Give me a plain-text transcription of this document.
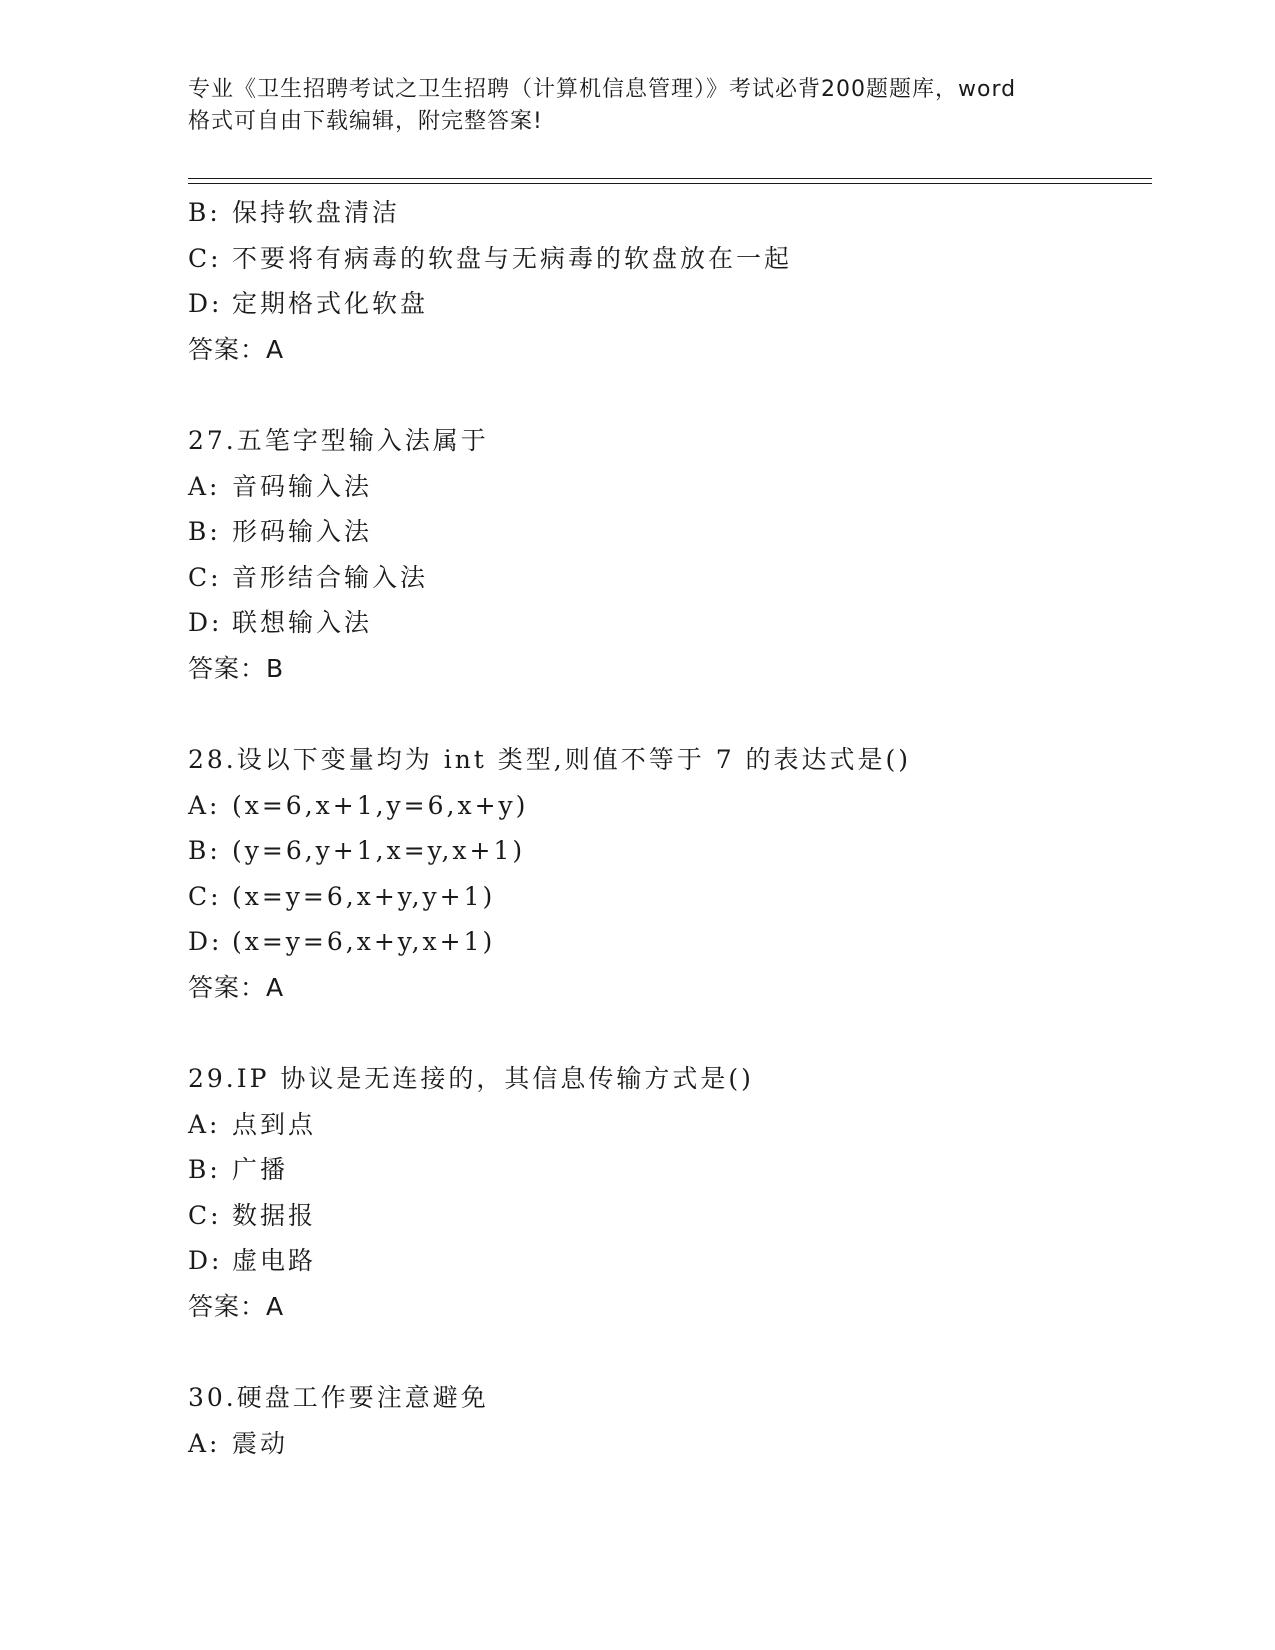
专业《卫生招聘考试之卫生招聘（计算机信息管理）》考试必背200题题库，word
格式可自由下载编辑，附完整答案!
B: 保持软盘清洁
C: 不要将有病毒的软盘与无病毒的软盘放在一起
D: 定期格式化软盘
答案：A
27.五笔字型输入法属于
A: 音码输入法
B: 形码输入法
C: 音形结合输入法
D: 联想输入法
答案：B
28.设以下变量均为 int 类型,则值不等于 7 的表达式是()
A: (x=6,x+1,y=6,x+y)
B: (y=6,y+1,x=y,x+1)
C: (x=y=6,x+y,y+1)
D: (x=y=6,x+y,x+1)
答案：A
29.IP 协议是无连接的，其信息传输方式是()
A: 点到点
B: 广播
C: 数据报
D: 虚电路
答案：A
30.硬盘工作要注意避免
A: 震动
